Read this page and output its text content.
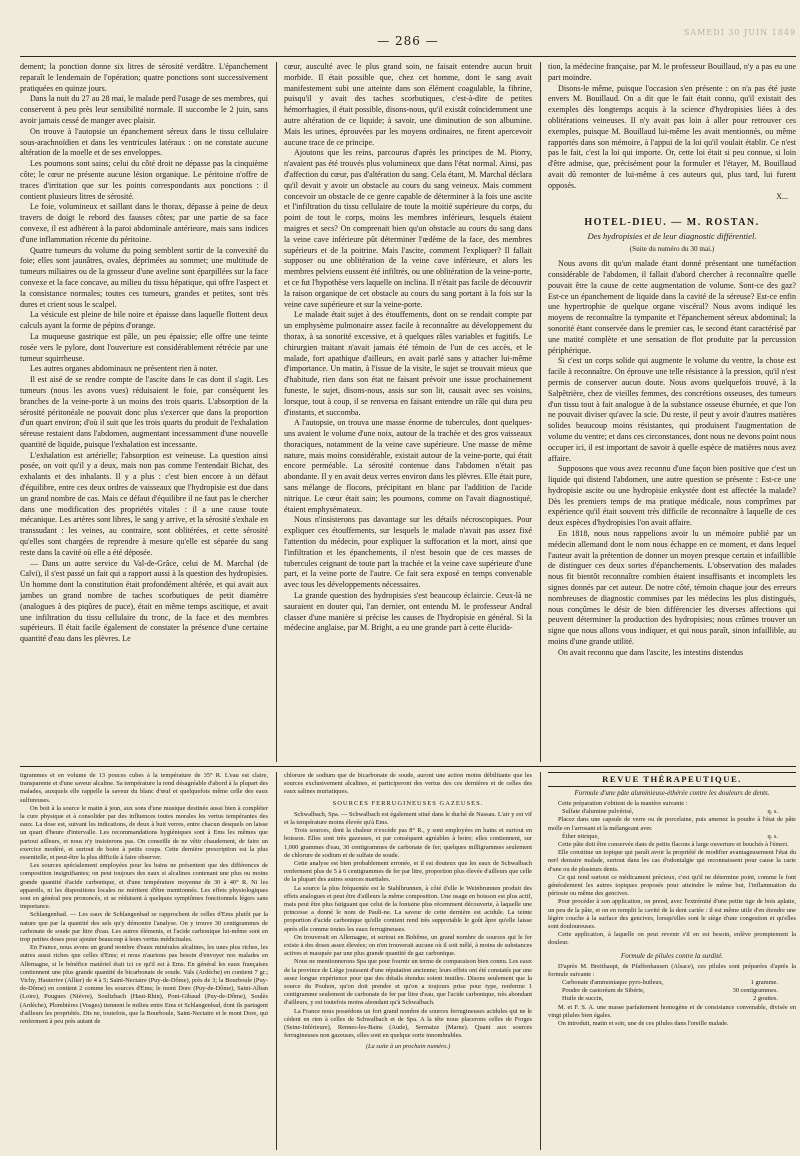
— 286 —
SAMEDI 30 JUIN 1849

dement; la ponction donne six litres de sérosité verdâtre. L'épanchement reparaît le lendemain de l'opération; quatre ponctions sont successivement pratiquées en quinze jours.

Dans la nuit du 27 au 28 mai, le malade perd l'usage de ses membres, qui conservent à peu près leur sensibilité normale. Il succombe le 2 juin, sans avoir jamais cessé de manger avec plaisir.

On trouve à l'autopsie un épanchement séreux dans le tissu cellulaire sous-arachnoïdien et dans les ventricules latéraux : on ne constate aucune altération de la moelle et de ses enveloppes.

Les poumons sont sains; celui du côté droit ne dépasse pas la cinquième côte; le cœur ne présente aucune lésion organique. Le péritoine n'offre de traces d'irritation que sur les points correspondants aux ponctions : il contient plusieurs litres de sérosité.

Le foie, volumineux et saillant dans le thorax, dépasse à peine de deux travers de doigt le rebord des fausses côtes; par une partie de sa face convexe, il est adhérent à la paroi abdominale antérieure, mais sans indices d'une inflammation récente du péritoine.

Quatre tumeurs du volume du poing semblent sortir de la convexité du foie; elles sont jaunâtres, ovales, déprimées au sommet; une multitude de tumeurs miliaires ou de la grosseur d'une aveline sont éparpillées sur la face convexe et la face concave, au milieu du tissu hépatique, qui offre l'aspect et la consistance normales; toutes ces tumeurs, grandes et petites, sont très dures et crient sous le scalpel.

La vésicule est pleine de bile noire et épaisse dans laquelle flottent deux calculs ayant la forme de pépins d'orange.

La muqueuse gastrique est pâle, un peu épaissie; elle offre une teinte rosée vers le pylore, dont l'ouverture est considérablement rétrécie par une tumeur squirrheuse.

Les autres organes abdominaux ne présentent rien à noter.

Il est aisé de se rendre compte de l'ascite dans le cas dont il s'agit. Les tumeurs (nous les avons vues) réduisaient le foie, par conséquent les branches de la veine-porte à un moins des trois quarts. L'absorption de la sérosité péritonéale ne pouvait donc plus s'exercer que dans la proportion d'un quart environ; d'où il suit que les trois quarts du produit de l'exhalation séreuse restaient dans l'abdomen, augmentant incessamment d'une nouvelle quantité de liquide, puisque l'exhalation est incessante.

L'exhalation est artérielle; l'absorption est veineuse. La question ainsi posée, on voit qu'il y a deux, mais non pas comme l'entendait Bichat, des exhalants et des inhalants. Il y a plus : c'est bien encore à un défaut d'équilibre, entre ces deux ordres de vaisseaux que l'hydropisie est due dans un grand nombre de cas. Mais ce défaut d'équilibre il ne faut pas le chercher dans une modification des propriétés vitales : il a une cause toute mécanique. Les artères sont libres, le sang y arrive, et la sérosité s'exhale en transsudant : les veines, au contraire, sont oblitérées, et cette sérosité qu'elles sont chargées de reprendre à mesure qu'elle est séparée du sang reste dans la cavité où elle a été déposée.

— Dans un autre service du Val-de-Grâce, celui de M. Marchal (de Calvi), il s'est passé un fait qui a rapport aussi à la question des hydropisies. Un homme dont la constitution était profondément altérée, et qui avait aux jambes un grand nombre de taches scorbutiques de petit diamètre (analogues à des piqûres de puce), était en même temps ascitique, et avait une infiltration du tissu cellulaire du tronc, de la face et des membres supérieurs. Il était facile également de constater la présence d'une certaine quantité d'eau dans les plèvres. Le

cœur, ausculté avec le plus grand soin, ne faisait entendre aucun bruit morbide. Il était possible que, chez cet homme, dont le sang avait manifestement subi une atteinte dans son élément coagulable, la fibrine, puisqu'il y avait des taches scorbutiques, c'est-à-dire de petites hémorrhagies, il était possible, disons-nous, qu'il existât coïncidemment une autre altération de ce liquide; à savoir, une diminution de son albumine. Mais les urines, éprouvées par les moyens ordinaires, ne firent apercevoir aucune trace de ce principe.

Ajoutons que les reins, parcourus d'après les principes de M. Piorry, n'avaient pas été trouvés plus volumineux que dans l'état normal. Ainsi, pas d'affection du cœur, pas d'altération du sang. Cela étant, M. Marchal déclara qu'il devait y avoir un obstacle au cours du sang veineux. Mais comment concevoir un obstacle de ce genre capable de déterminer à la fois une ascite et l'infiltration du tissu cellulaire de toute la moitié supérieure du corps, du point de tout le corps, moins les membres inférieurs, lesquels étaient maigres et secs? On comprenait bien qu'un obstacle au cours du sang dans la veine cave inférieure pût déterminer l'œdème de la face, des membres supérieurs et de la poitrine. Mais l'ascite, comment l'expliquer? Il fallait supposer ou une oblitération de la veine cave inférieure, et alors les membres pelviens eussent été infiltrés, ou une oblitération de la veine-porte, et ce fut l'hypothèse vers laquelle on inclina. Il n'était pas facile de découvrir la raison organique de cet obstacle au cours du sang portant à la fois sur la veine cave supérieure et sur la veine-porte.

Le malade était sujet à des étouffements, dont on se rendait compte par un emphysème pulmonaire assez facile à reconnaître au développement du thorax, à sa sonorité excessive, et à quelques râles variables et fugitifs. Le chirurgien traitant n'avait jamais été témoin de l'un de ces accès, et le malade, fort apathique d'ailleurs, en avait parlé sans y attacher lui-même d'importance. Un matin, à l'issue de la visite, le sujet se trouvait mieux que d'habitude, rien dans son état ne faisant prévoir une issue prochainement funeste, le sujet, disons-nous, assis sur son lit, causait avec ses voisins, lorsque, tout à coup, il se renversa en faisant entendre un râle qui dura peu d'instants, et succomba.

A l'autopsie, on trouva une masse énorme de tubercules, dont quelques-uns avaient le volume d'une noix, autour de la trachée et des gros vaisseaux thoraciques, notamment de la veine cave supérieure. Une masse de même nature, mais moins considérable, existait autour de la veine-porte, qui était encore perméable. La sérosité contenue dans l'abdomen n'était pas abondante. Il y en avait deux verres environ dans les plèvres. Elle était pure, sans mélange de flocons, précipitant en blanc par l'addition de l'acide nitrique. Le cœur était sain; les poumons, comme on l'avait diagnostiqué, étaient emphysémateux.

Nous n'insisterons pas davantage sur les détails nécroscopiques. Pour expliquer ces étouffements, sur lesquels le malade n'avait pas assez fixé l'attention du médecin, pour expliquer la suffocation et la mort, ainsi que l'infiltration et les épanchements, il n'est besoin que de ces masses de tubercules ceignant de toute part la trachée et la veine cave supérieure d'une part, et la veine porte de l'autre. Ce fait sera exposé en temps convenable avec tous les développements nécessaires.

La grande question des hydropisies s'est beaucoup éclaircie. Ceux-là ne sauraient en douter qui, l'an dernier, ont entendu M. le professeur Andral classer d'une manière si précise les causes de l'hydropisie en général. Si la médecine anglaise, par M. Bright, a eu une grande part à cette élucida-

tion, la médecine française, par M. le professeur Bouillaud, n'y a pas eu une part moindre.

Disons-le même, puisque l'occasion s'en présente : on n'a pas été juste envers M. Bouillaud. On a dit que le fait était connu, qu'il existait des exemples dès longtemps acquis à la science d'hydropisies liées à des oblitérations veineuses. Il n'y avait pas loin à aller pour retrouver ces exemples, puisque M. Bouillaud lui-même les avait mentionnés, ou même rapportés dans son mémoire, à l'appui de la loi qu'il voulait établir. Ce n'est pas le fait, c'est la loi qui importe. Or, cette loi était si peu connue, si loin d'être admise, que, précisément pour la formuler et l'étayer, M. Bouillaud avait dû remonter de lui-même à ces auteurs qui, plus tard, lui furent opposés.

X...
HOTEL-DIEU. — M. ROSTAN.
Des hydropisies et de leur diagnostic différentiel.
(Suite du numéro du 30 mai.)

Nous avons dit qu'un malade étant donné présentant une tuméfaction considérable de l'abdomen, il fallait d'abord chercher à reconnaître quelle pouvait être la cause de cette augmentation de volume. Sont-ce des gaz? Est-ce un épanchement de liquide dans la cavité de la séreuse? Est-ce enfin une hypertrophie de quelque organe viscéral? Nous avons indiqué les moyens de reconnaître la tympanite et l'épanchement séreux abdominal; la sonorité étant conservée dans le premier cas, le second étant caractérisé par une matité complète et une sensation de flot produite par la percussion périphérique.

Si c'est un corps solide qui augmente le volume du ventre, la chose est facile à reconnaître. On éprouve une telle résistance à la pression, qu'il n'est permis de conserver aucun doute. Nous avons quelquefois trouvé, à la Salpêtrière, chez de vieilles femmes, des concrétions osseuses, des tumeurs d'un tissu tout à fait analogue à de la substance osseuse éburnée, et que l'on ne pouvait diviser qu'avec la scie. Du reste, il peut y avoir d'autres matières solides beaucoup moins résistantes, qui produisent l'augmentation de volume du ventre; et dans ces circonstances, dont nous ne devons point nous occuper ici, il est important de savoir à quelle espèce de matières nous avez affaire.

Supposons que vous avez reconnu d'une façon bien positive que c'est un liquide qui distend l'abdomen, une autre question se présente : Est-ce une hydropisie ascite ou une hydropisie enkystée dont est affectée la malade? Dès les premiers temps de ma pratique médicale, nous comprîmes par expérience qu'il était souvent très difficile de reconnaître à laquelle de ces deux espèces d'hydropisies l'on avait affaire.

En 1818, nous nous rappelions avoir lu un mémoire publié par un médecin allemand dont le nom nous échappe en ce moment, et dans lequel l'auteur avait la prétention de donner un moyen presque certain et infaillible de distinguer ces deux sortes d'épanchements. L'observation des malades nous fit bientôt reconnaître combien étaient insuffisants et incomplets les signes donnés par cet auteur. De notre côté, témoin chaque jour des erreurs nombreuses de diagnostic commises par les médecins les plus distingués, nous conçûmes le désir de bien différencier les diverses affections qui peuvent déterminer la production des hydropisies; nous crûmes trouver un signe que nous allons vous indiquer, et qui nous paraît, sinon infaillible, au moins d'une grande utilité.

On avait reconnu que dans l'ascite, les intestins distendus

tigrammes et en volume de 13 pouces cubes à la température de 35° R. L'eau est claire, transparente et d'une saveur alcaline. Sa température la rend désagréable d'abord à la plupart des malades, auxquels elle rappelle la saveur du blanc d'œuf et quelquefois même celle des eaux sulfureuses.

On boit à la source le matin à jeun, aux sons d'une musique destinée aussi bien à compléter la cure physique et à consolider par des influences toutes morales les vertus tempérantes des eaux. La dose est, suivant les indications, de deux à huit verres, entre chacun desquels on laisse un quart d'heure d'intervalle. Les recommandations hygiéniques sont à Ems les mêmes que partout ailleurs, et nous n'y insisterons pas. On conseille de ne vêtir chaudement, de faire un exercice modéré, et surtout de boire à petits coups. Cette dernière prescription est la plus essentielle, et peut-être la plus difficile à faire observer.

Les sources spécialement employées pour les bains ne présentent que des différences de composition insignifiantes; on peut toujours des eaux si alcalines contenant une plus ou moins grande quantité d'acide carbonique, et d'une température moyenne de 30 à 40° R. Ni les appareils, ni les dispositions locales ne méritent d'être mentionnés. Les effets physiologiques sont en général peu prononcés, et se réduisent à quelques symptômes fonctionnels légers sans importance.

Schlangenbad. — Les eaux de Schlangenbad se rapprochent de celles d'Ems plutôt par la nature que par la quantité des sels qu'y démontre l'analyse. On y trouve 30 centigrammes de carbonate de soude par litre d'eau. Les autres éléments, et l'acide carbonique lui-même sont en trop petites doses pour ajouter beaucoup à leurs vertus médicinales.

En France, nous avons un grand nombre d'eaux minérales alcalines, les unes plus riches, les autres aussi riches que celles d'Ems; et nous n'aurions pas besoin d'envoyer nos malades en Allemagne, si le bénéfice matériel était ici ce qu'il est à Ems. En général les eaux françaises contiennent une plus grande quantité de bicarbonate de soude. Vals (Ardèche) en contient 7 gr.; Vichy, Hauterive (Allier) de 4 à 5; Saint-Nectaire (Puy-de-Dôme), près de 3; la Bourboule (Puy-de-Dôme) en contient 2 comme les sources d'Ems; le mont Dore (Puy-de-Dôme), Saint-Alban (Loire), Pougues (Nièvre), Soultzbach (Haut-Rhin), Pont-Gibaud (Puy-de-Dôme), Soulès (Ardèche), Plombières (Vosges) tiennent le milieu entre Ems et Schlangenbad, dont ils partagent d'ailleurs les propriétés. Dis ne, toutefois, que la Bourboule, Saint-Nectaire et le mont Dore, qui renferment à peu près autant de

chlorure de sodium que de bicarbonate de soude, auront une action moins débilitante que les sources exclusivement alcalines, et participeront des vertus des ces dernières et de celles des eaux salines muriatiques.

SOURCES FERRUGINEUSES GAZEUSES.

Schwalbach, Spa. — Schwalbach est également situé dans le duché de Nassau. L'air y est vif et la température moins élevée qu'à Ems.

Trois sources, dont la chaleur n'excède pas 8° R., y sont employées en bains et surtout en boisson. Elles sont très gazeuses, et par conséquent agréables à boire; elles contiennent, sur 1,000 grammes d'eau, 30 centigrammes de carbonate de fer; quelques milligrammes seulement de chlorure de sodium et de sulfate de soude.

Cette analyse est bien probablement erronée, et il est douteux que les eaux de Schwalbach renferment plus de 5 à 6 centigrammes de fer par litre, proportion plus élevée d'ailleurs que celle de la plupart des autres sources martiales.

La source la plus fréquentée est le Stahlbrunnen, à côté d'elle le Weinbrunnen produit des effets analogues et peut être d'ailleurs la même composition. Une usage en boisson est plus actif, mais peut être plus fatiguant que celui de la fontaine plus récemment découverte, à laquelle une princesse a donné le nom de Pauli-ne. La saveur de cette dernière est acidule. La teinte proportion d'acide carbonique qu'elle contient rend très supportable le goût âpre qu'elle laisse après elle comme toutes les eaux ferrugineuses.

On trouverait en Allemagne, et surtout en Bohême, un grand nombre de sources qui le fer existe à des doses assez élevées; on n'en trouverait aucune où il soit mêlé, à moins de substances actives et masquée par une plus grande quantité de gaz carbonique.

Nous ne mentionnerons Spa que pour fournir un terme de comparaison bien connu. Les eaux de la province de Liège jouissent d'une réputation ancienne; leurs effets ont été constatés par une assez longue expérience pour que des détails étendus soient inutiles. Disons seulement que la source du Pouhon, qu'on doit prendre et qu'on a toujours prise pour type, renferme 1 centigramme seulement de carbonate de fer par litre d'eau, que l'acide carbonique, très abondant d'ailleurs, y est toutefois moins abondant qu'à Schwalbach.

La France nous possédons un fort grand nombre de sources ferrugineuses acidules qui ne le cèdent en rien à celles de Schwalbach et de Spa. A la tête nous placerons celles de Forges (Seine-Inférieure), Rennes-les-Bains (Aude), Sermaize (Marne). Quant aux sources ferrugineuses non gazeuses, elles sont en quelque sorte innombrables.

(La suite à un prochain numéro.)
REVUE THÉRAPEUTIQUE.
Formule d'une pâte aluminieuse-éthérée contre les douleurs de dents.

Cette préparation s'obtient de la manière suivante :

Sulfate d'alumine pulvérisé,	q. s.

Placez dans une capsule de verre ou de porcelaine, puis amenez la poudre à l'état de pâte molle en l'arrosant et la mélangeant avec

Éther nitrique,	q. s.

Cette pâte doit être conservée dans de petits flacons à large ouverture et bouchés à l'émeri.

Elle constitue un topique qui paraît avoir la propriété de modifier avantageusement l'état du nerf dentaire malade, surtout dans les cas d'odontalgie qui reconnaissent pour cause la carie d'une ou de plusieurs dents.

Ce qui rend surtout ce médicament précieux, c'est qu'il ne détermine point, comme le font généralement les autres topiques proposés pour atteindre le même but, l'inflammation du périoste ou même des gencives.

Pour procéder à son application, on prend, avec l'extrémité d'une petite tige de bois aplatie, un peu de la pâte, et on en remplit la cavité de la dent cariée : il est même utile d'en étendre une légère couche à la surface des gencives, lorsqu'elles sont le siège d'une congestion et qu'elles sont douloureuses.

Cette application, à laquelle on peut revenir s'il en est besoin, enlève promptement la douleur.

Formule de pilules contre la surdité.

D'après M. Breithaupt, de Pfaffenhausen (Alsace), ces pilules sont préparées d'après la formule suivante :

Carbonate d'ammoniaque pyro-huileux,	1 gramme.
Poudre de castoréum de Sibérie,	30 centigrammes.
Huile de succin,	2 gouttes.

M. et F. S. A. une masse parfaitement homogène et de consistance convenable, divisée en vingt pilules bien égales.

On introduit, matin et soir, une de ces pilules dans l'oreille malade.
